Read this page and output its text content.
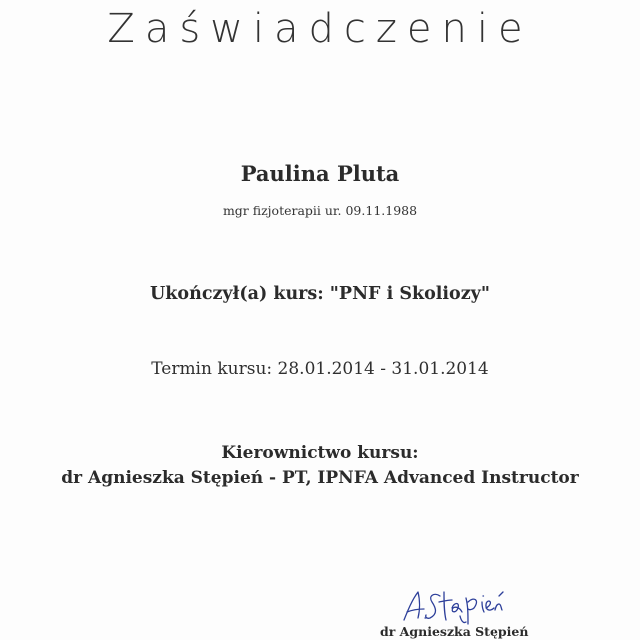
Zaświadczenie
Paulina Pluta
mgr fizjoterapii ur. 09.11.1988
Ukończył(a) kurs: "PNF i Skoliozy"
Termin kursu: 28.01.2014 - 31.01.2014
Kierownictwo kursu:
dr Agnieszka Stępień - PT, IPNFA Advanced Instructor
dr Agnieszka Stępień
